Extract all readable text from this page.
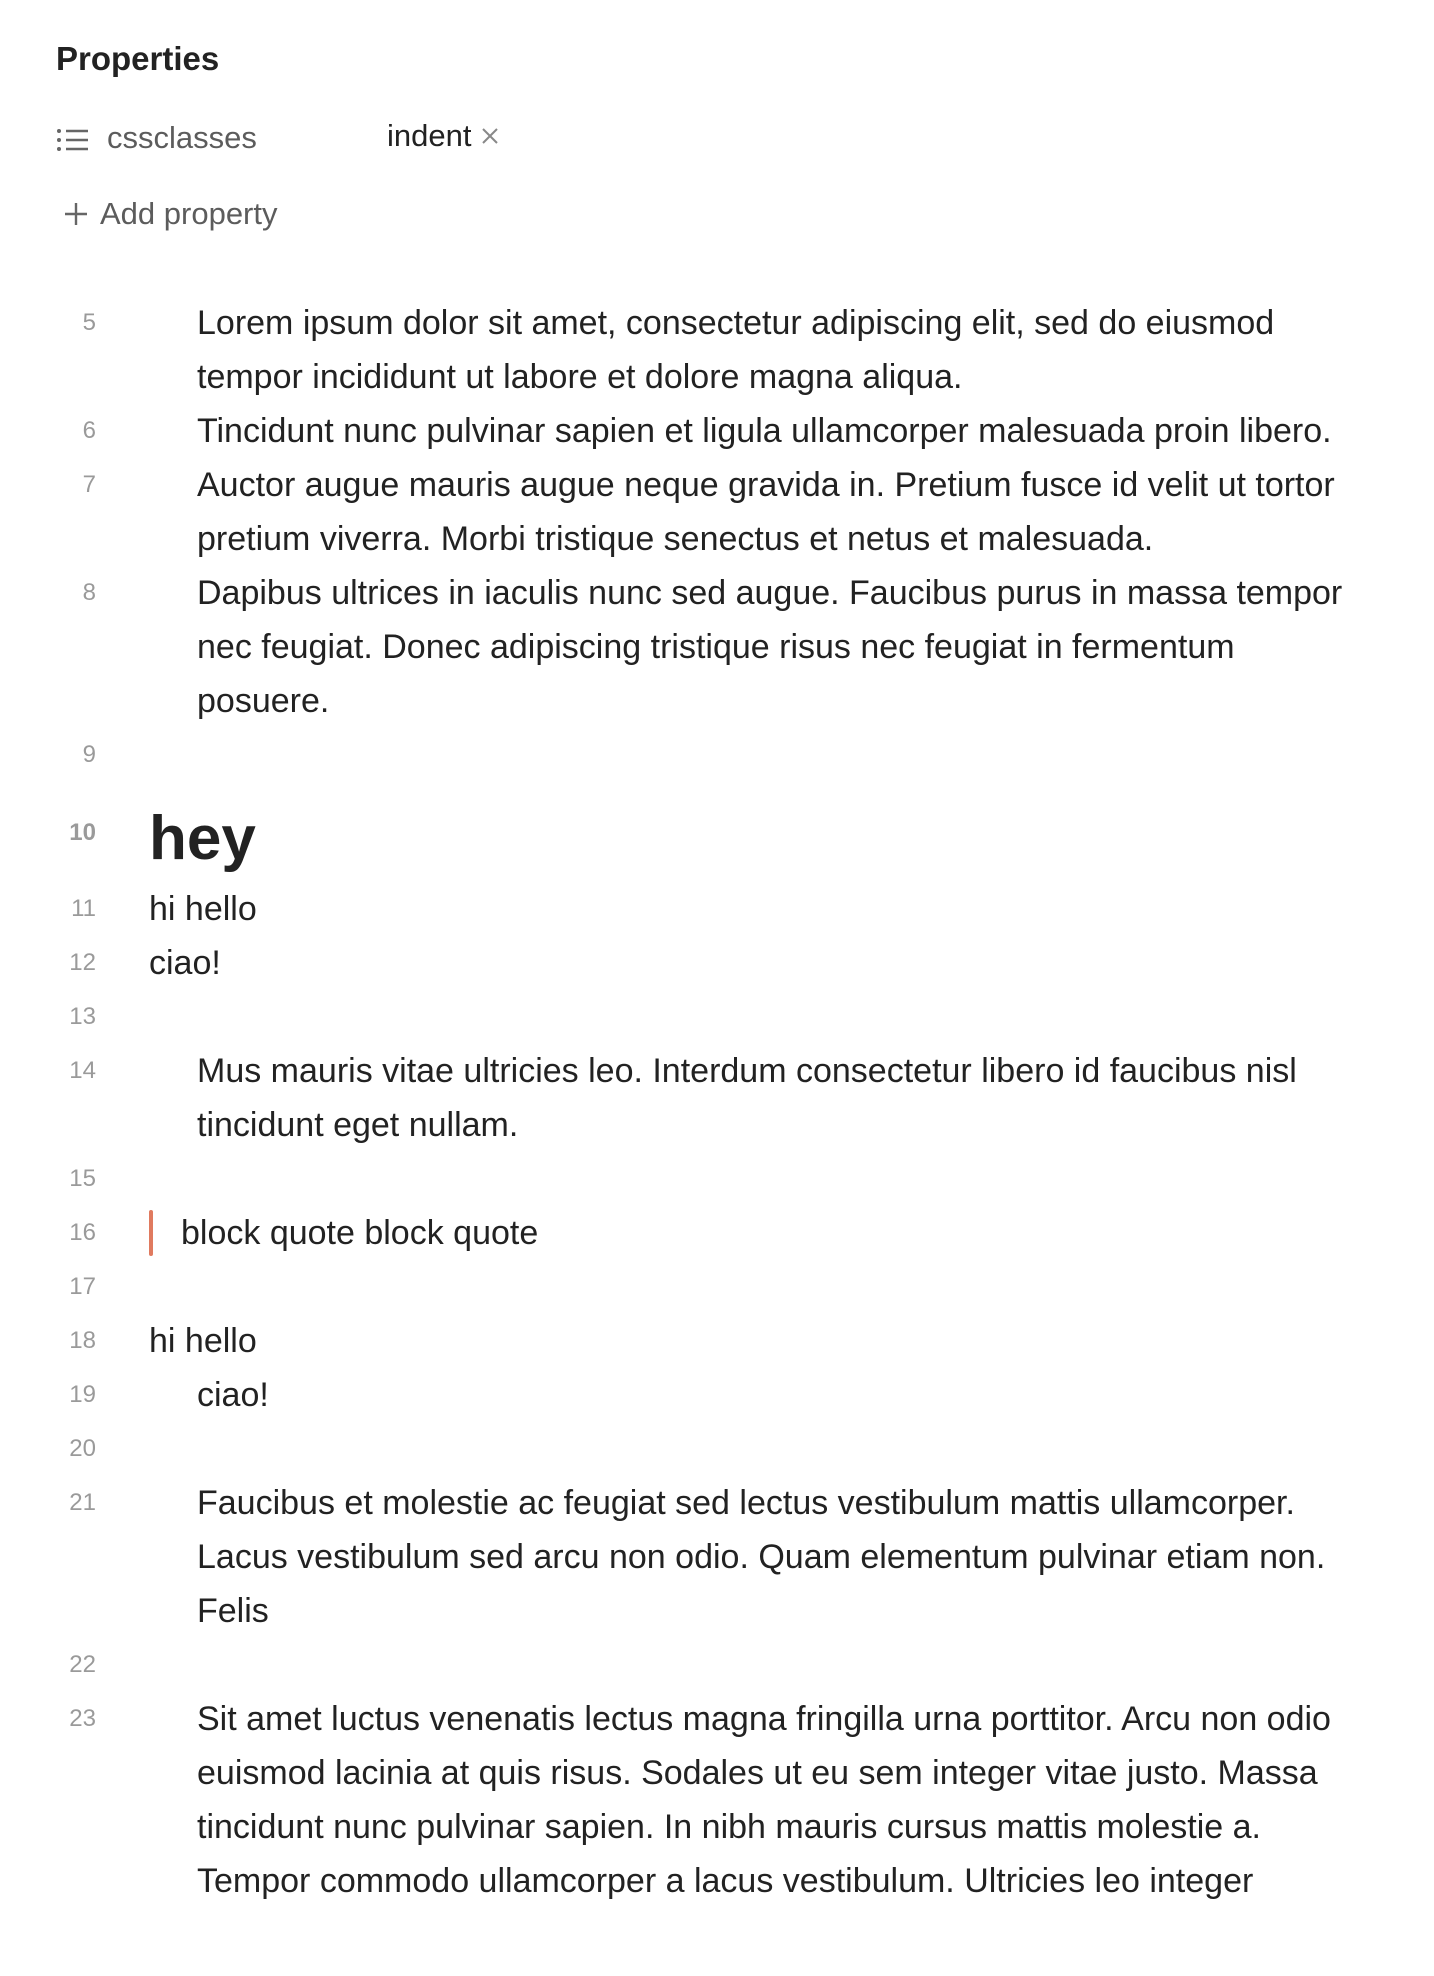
Properties
cssclasses	indent
Add property
5	Lorem ipsum dolor sit amet, consectetur adipiscing elit, sed do eiusmod tempor incididunt ut labore et dolore magna aliqua.
6	Tincidunt nunc pulvinar sapien et ligula ullamcorper malesuada proin libero.
7	Auctor augue mauris augue neque gravida in. Pretium fusce id velit ut tortor pretium viverra. Morbi tristique senectus et netus et malesuada.
8	Dapibus ultrices in iaculis nunc sed augue. Faucibus purus in massa tempor nec feugiat. Donec adipiscing tristique risus nec feugiat in fermentum posuere.
9
10 hey
11 hi hello
12 ciao!
13
14	Mus mauris vitae ultricies leo. Interdum consectetur libero id faucibus nisl tincidunt eget nullam.
15
16	block quote block quote
17
18 hi hello
19	ciao!
20
21	Faucibus et molestie ac feugiat sed lectus vestibulum mattis ullamcorper. Lacus vestibulum sed arcu non odio. Quam elementum pulvinar etiam non. Felis
22
23	Sit amet luctus venenatis lectus magna fringilla urna porttitor. Arcu non odio euismod lacinia at quis risus. Sodales ut eu sem integer vitae justo. Massa tincidunt nunc pulvinar sapien. In nibh mauris cursus mattis molestie a. Tempor commodo ullamcorper a lacus vestibulum. Ultricies leo integer
